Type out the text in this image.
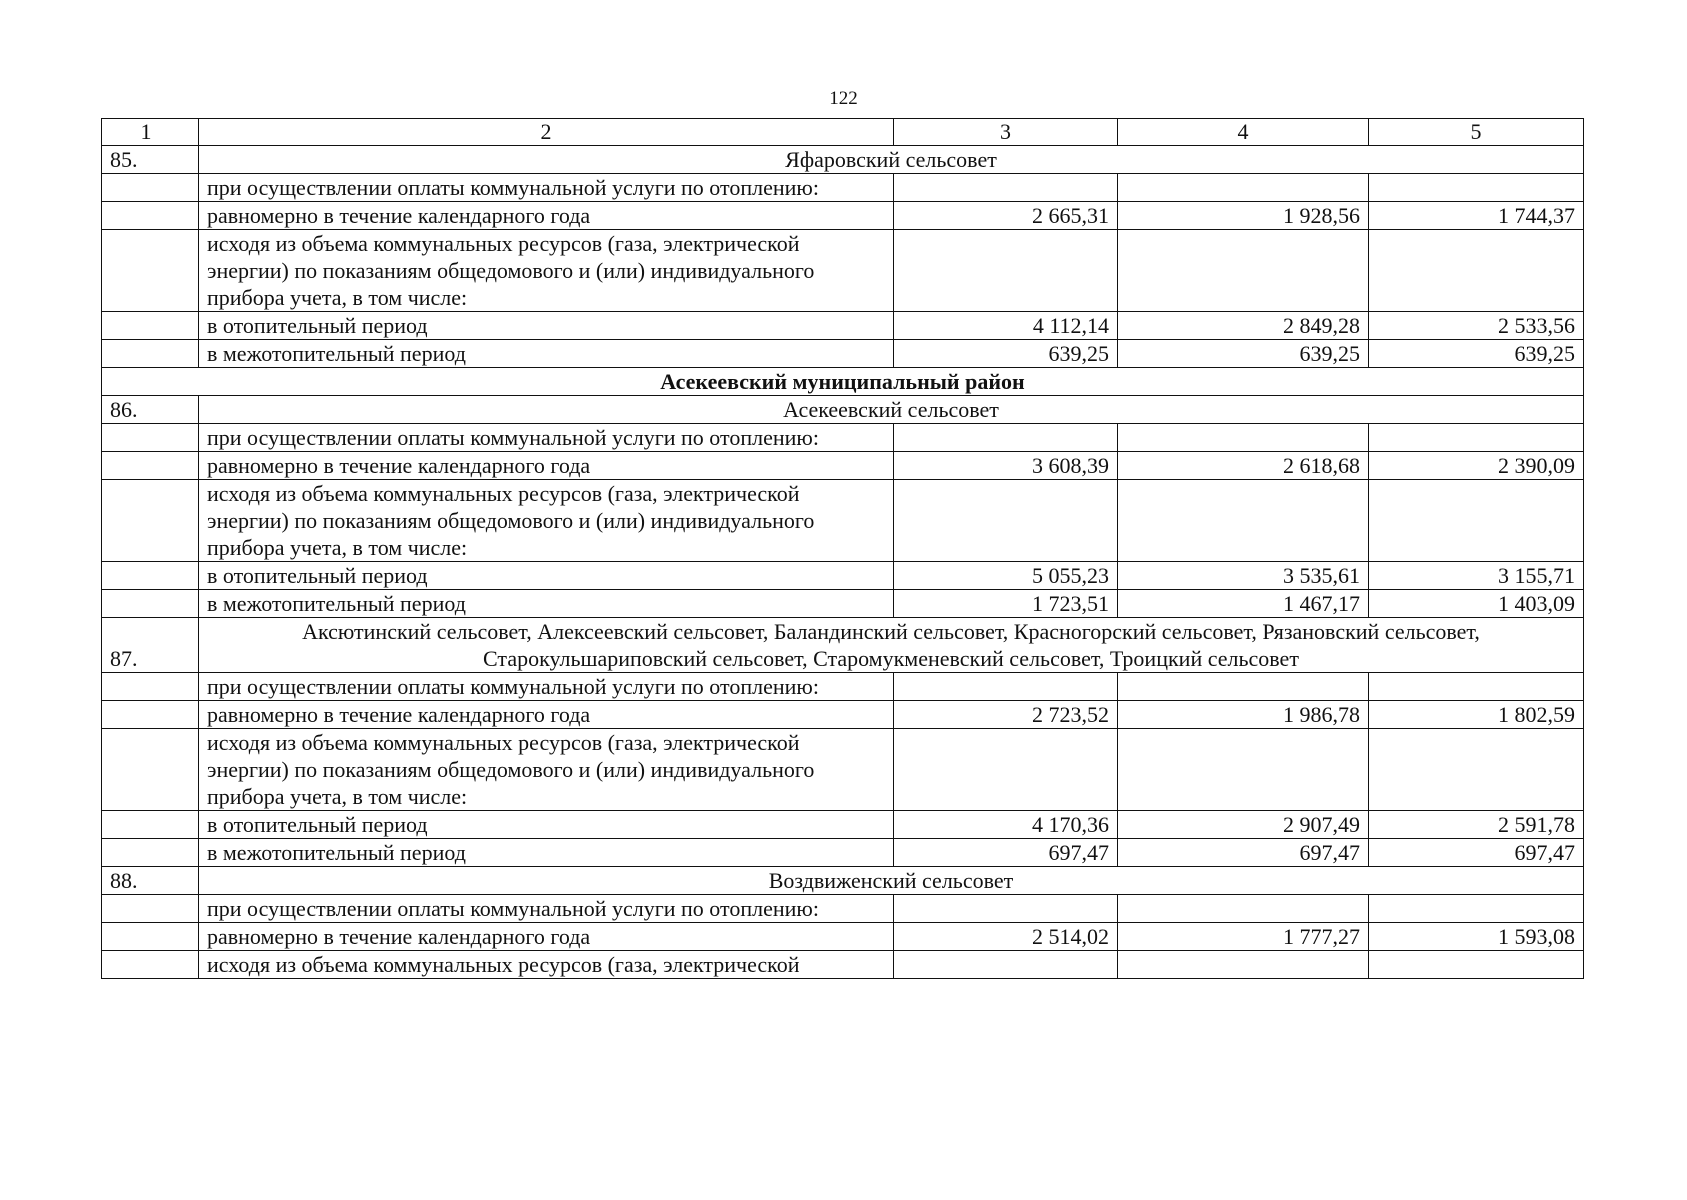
122
1	2	3	4	5
85.	Яфаровский сельсовет			
	при осуществлении оплаты коммунальной услуги по отоплению:			
	равномерно в течение календарного года	2 665,31	1 928,56	1 744,37
	исходя из объема коммунальных ресурсов (газа, электрической энергии) по показаниям общедомового и (или) индивидуального прибора учета, в том числе:			
	в отопительный период	4 112,14	2 849,28	2 533,56
	в межотопительный период	639,25	639,25	639,25
Асекеевский муниципальный район				
86.	Асекеевский сельсовет			
	при осуществлении оплаты коммунальной услуги по отоплению:			
	равномерно в течение календарного года	3 608,39	2 618,68	2 390,09
	исходя из объема коммунальных ресурсов (газа, электрической энергии) по показаниям общедомового и (или) индивидуального прибора учета, в том числе:			
	в отопительный период	5 055,23	3 535,61	3 155,71
	в межотопительный период	1 723,51	1 467,17	1 403,09
87.	Аксютинский сельсовет, Алексеевский сельсовет, Баландинский сельсовет, Красногорский сельсовет, Рязановский сельсовет, Старокульшариповский сельсовет, Старомукменевский сельсовет, Троицкий сельсовет			
	при осуществлении оплаты коммунальной услуги по отоплению:			
	равномерно в течение календарного года	2 723,52	1 986,78	1 802,59
	исходя из объема коммунальных ресурсов (газа, электрической энергии) по показаниям общедомового и (или) индивидуального прибора учета, в том числе:			
	в отопительный период	4 170,36	2 907,49	2 591,78
	в межотопительный период	697,47	697,47	697,47
88.	Воздвиженский сельсовет			
	при осуществлении оплаты коммунальной услуги по отоплению:			
	равномерно в течение календарного года	2 514,02	1 777,27	1 593,08
	исходя из объема коммунальных ресурсов (газа, электрической			
